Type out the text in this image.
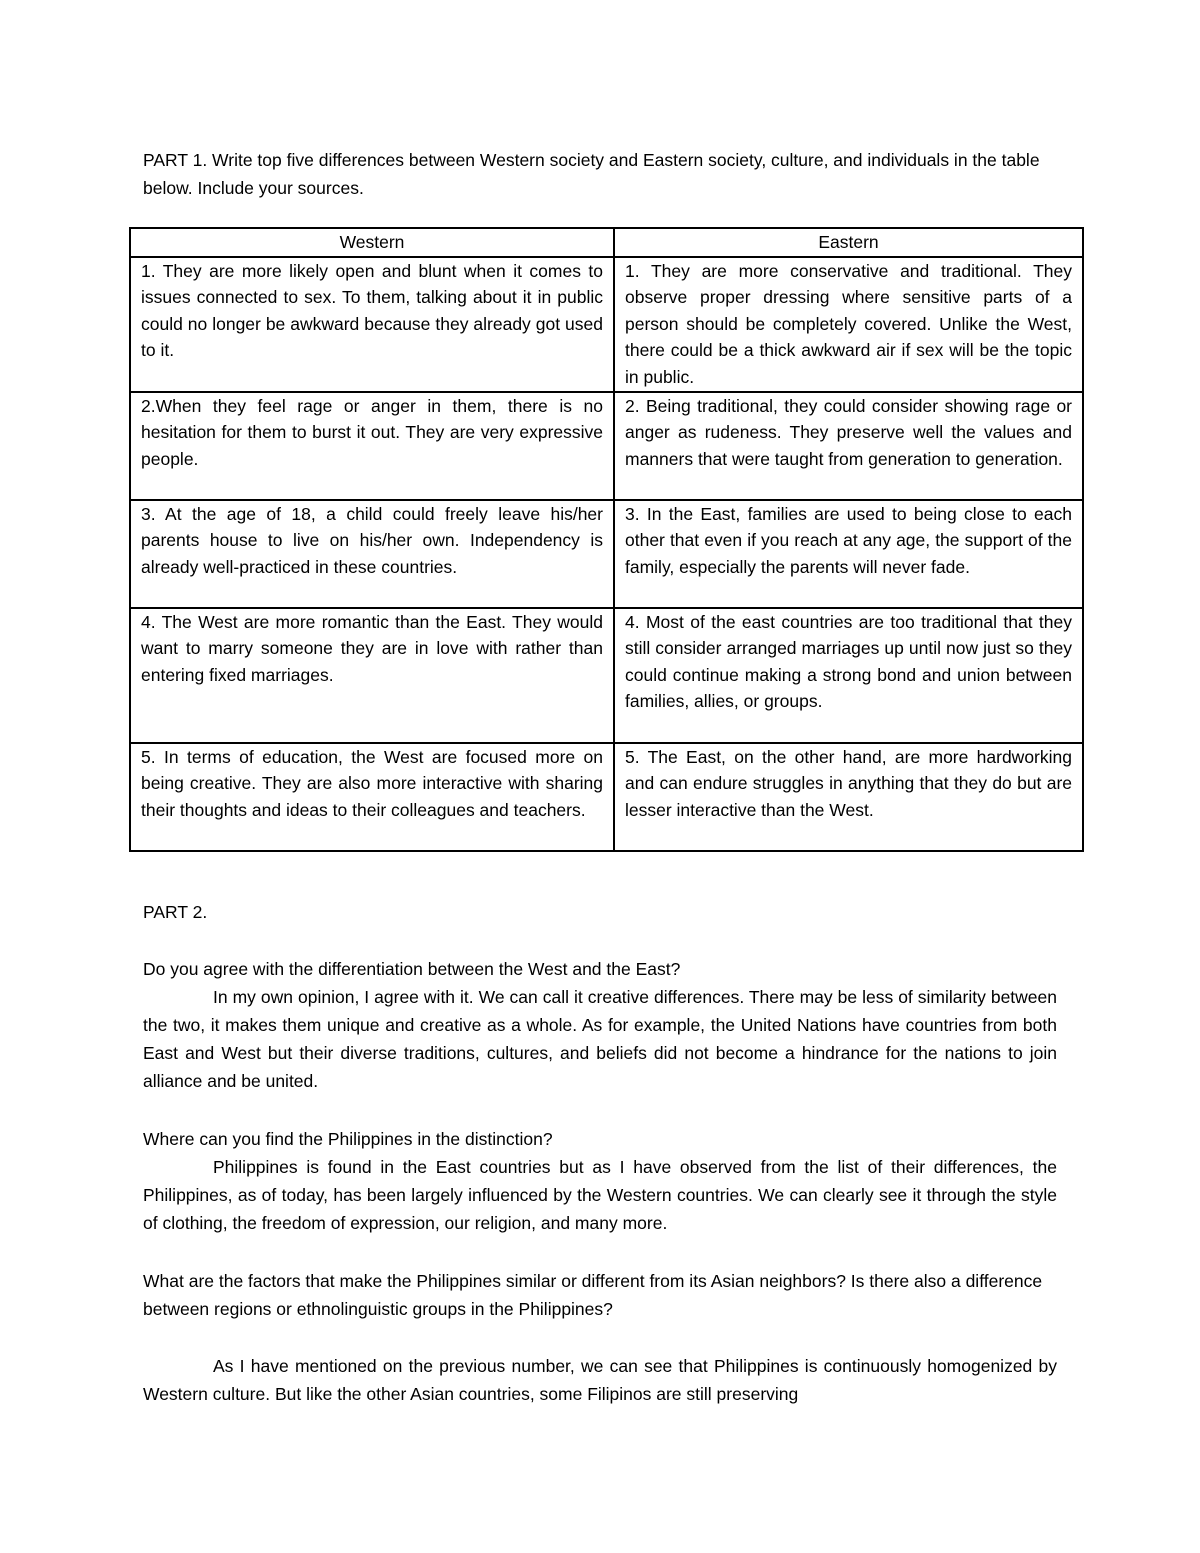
PART 1. Write top five differences between Western society and Eastern society, culture, and individuals in the table below. Include your sources.

Western	Eastern
1. They are more likely open and blunt when it comes to issues connected to sex. To them, talking about it in public could no longer be awkward because they already got used to it.	1. They are more conservative and traditional. They observe proper dressing where sensitive parts of a person should be completely covered. Unlike the West, there could be a thick awkward air if sex will be the topic in public.
2.When they feel rage or anger in them, there is no hesitation for them to burst it out. They are very expressive people.	2. Being traditional, they could consider showing rage or anger as rudeness. They preserve well the values and manners that were taught from generation to generation.
3. At the age of 18, a child could freely leave his/her parents house to live on his/her own. Independency is already well-practiced in these countries.	3. In the East, families are used to being close to each other that even if you reach at any age, the support of the family, especially the parents will never fade.
4. The West are more romantic than the East. They would want to marry someone they are in love with rather than entering fixed marriages.	4. Most of the east countries are too traditional that they still consider arranged marriages up until now just so they could continue making a strong bond and union between families, allies, or groups.
5. In terms of education, the West are focused more on being creative. They are also more interactive with sharing their thoughts and ideas to their colleagues and teachers.	5. The East, on the other hand, are more hardworking and can endure struggles in anything that they do but are lesser interactive than the West.

PART 2.

Do you agree with the differentiation between the West and the East?
In my own opinion, I agree with it. We can call it creative differences. There may be less of similarity between the two, it makes them unique and creative as a whole. As for example, the United Nations have countries from both East and West but their diverse traditions, cultures, and beliefs did not become a hindrance for the nations to join alliance and be united.
Where can you find the Philippines in the distinction?
Philippines is found in the East countries but as I have observed from the list of their differences, the Philippines, as of today, has been largely influenced by the Western countries. We can clearly see it through the style of clothing, the freedom of expression, our religion, and many more.
What are the factors that make the Philippines similar or different from its Asian neighbors? Is there also a difference between regions or ethnolinguistic groups in the Philippines?
As I have mentioned on the previous number, we can see that Philippines is continuously homogenized by Western culture. But like the other Asian countries, some Filipinos are still preserving
